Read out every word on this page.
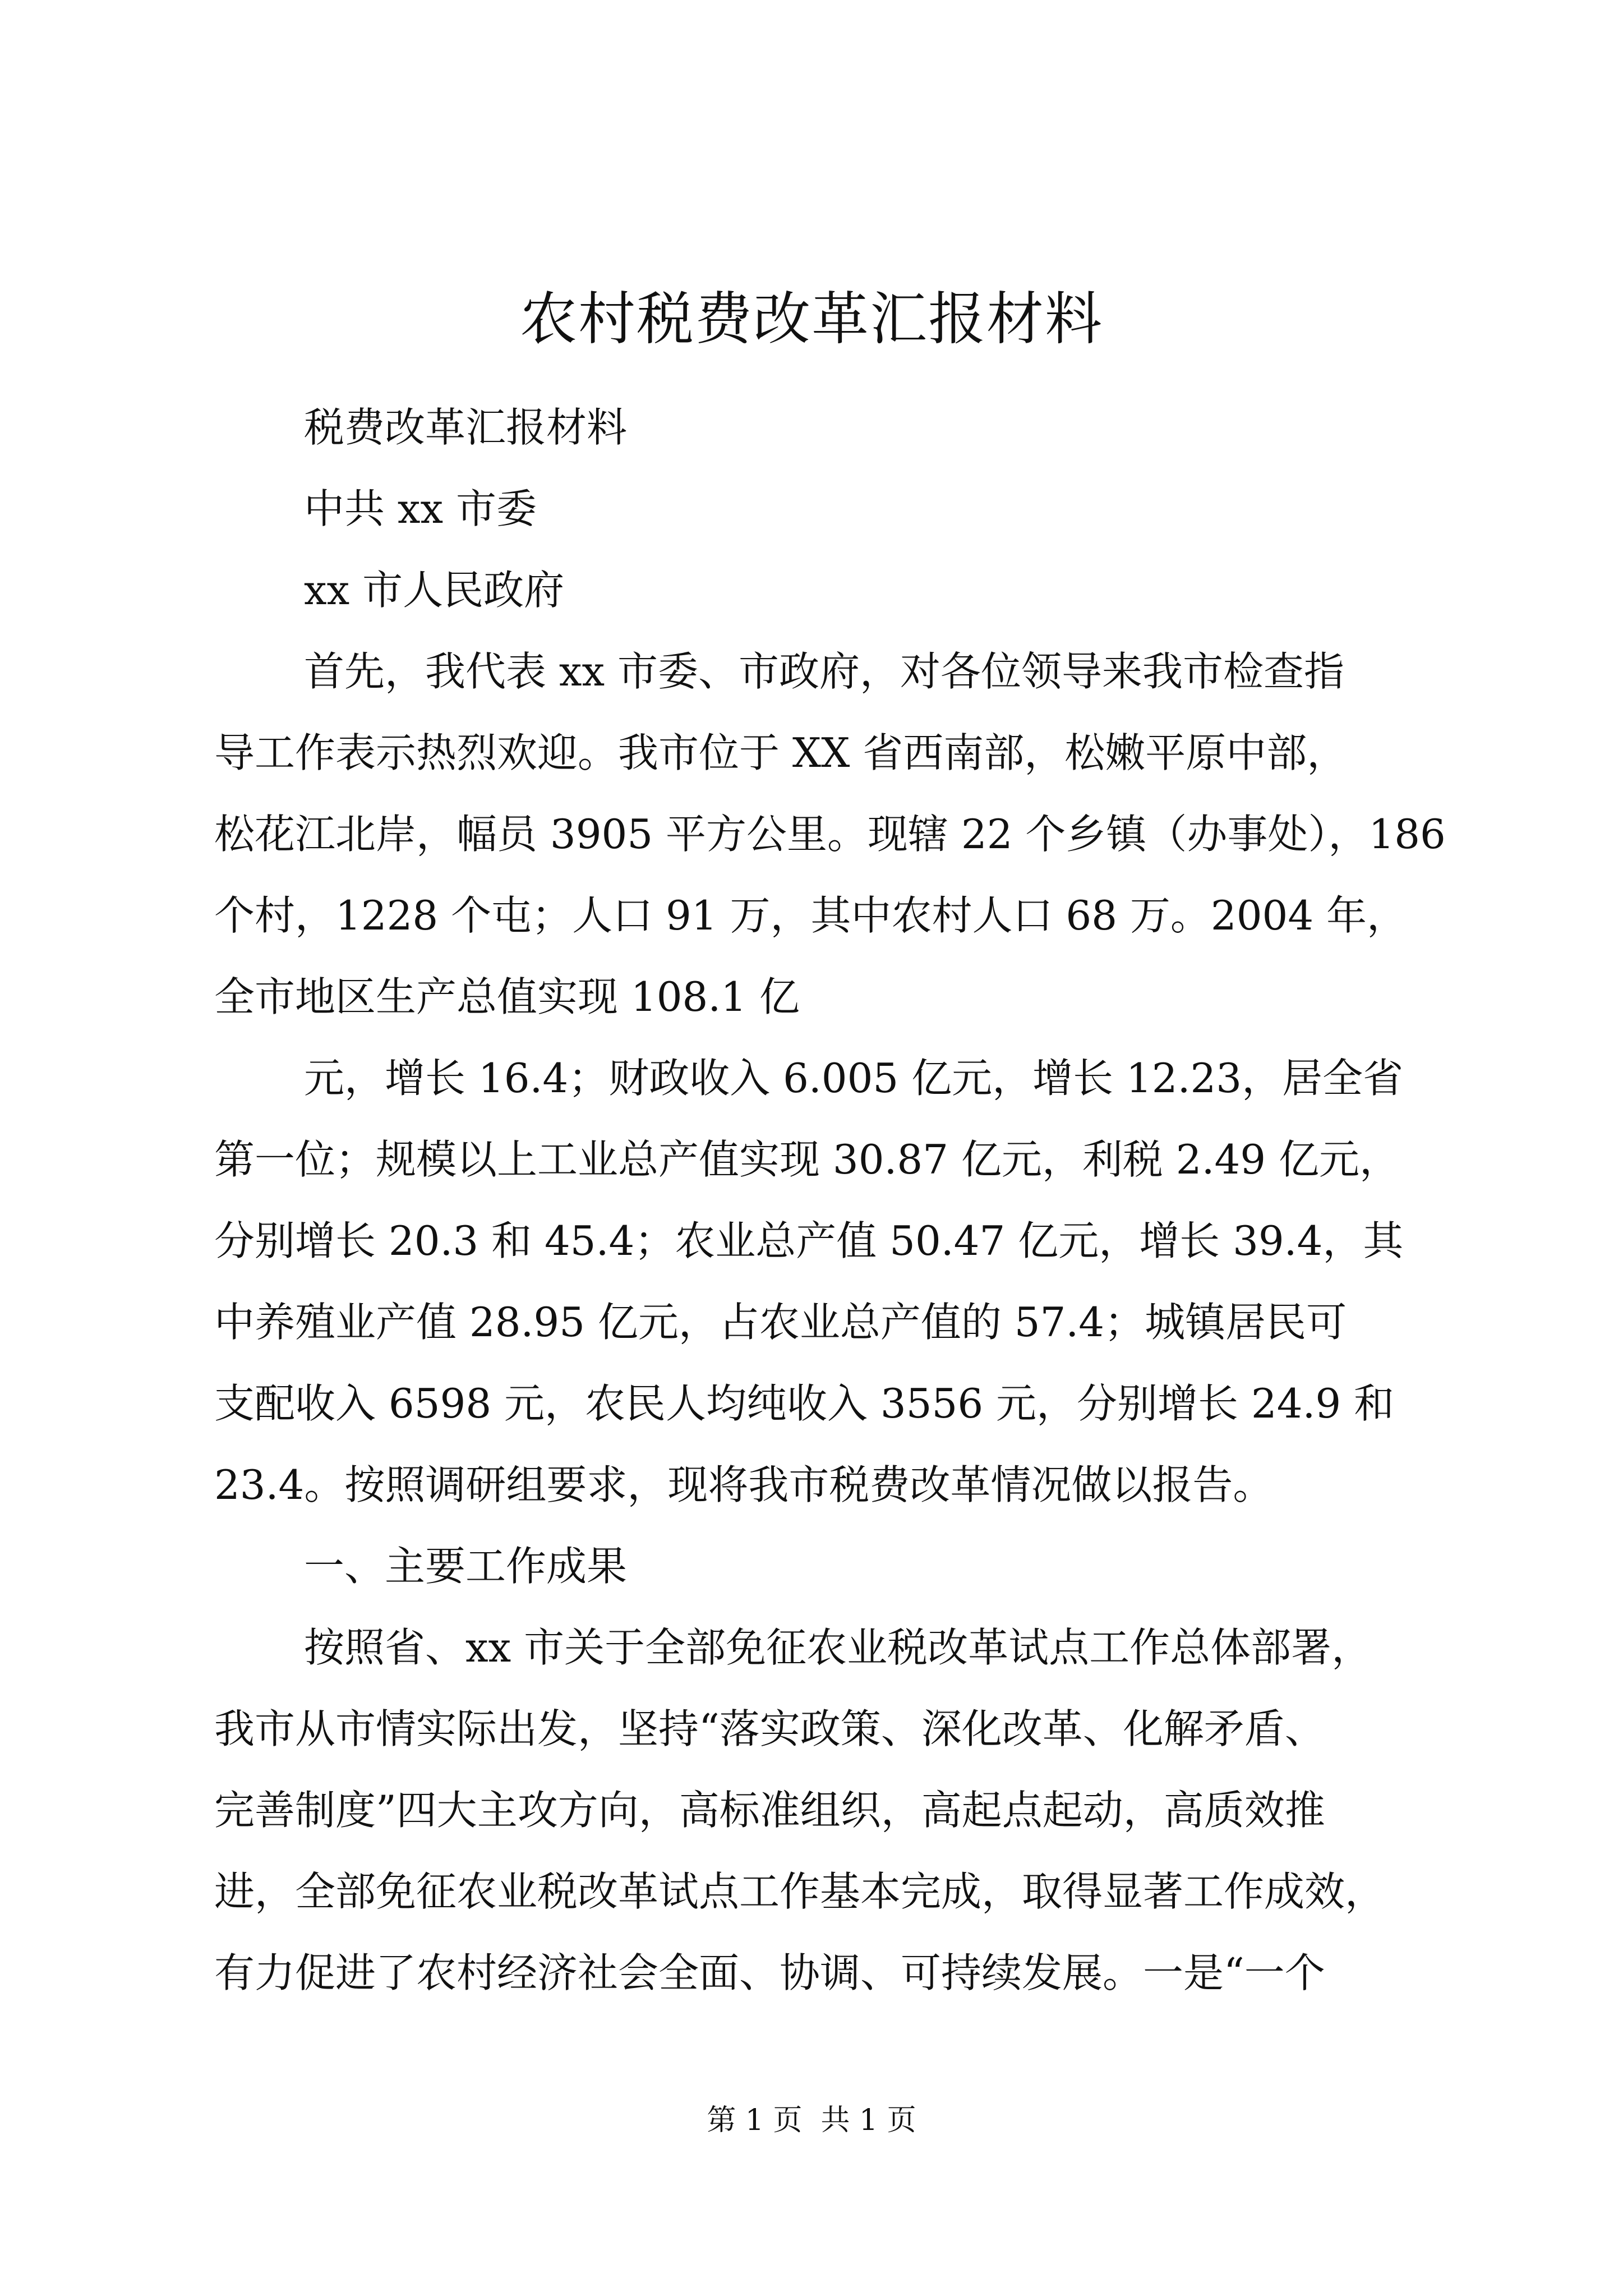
农村税费改革汇报材料
税费改革汇报材料
中共 xx 市委
xx 市人民政府
首先，我代表 xx 市委、市政府，对各位领导来我市检查指
导工作表示热烈欢迎。我市位于 XX 省西南部，松嫩平原中部，
松花江北岸，幅员 3905 平方公里。现辖 22 个乡镇（办事处），186
个村，1228 个屯；人口 91 万，其中农村人口 68 万。2004 年，
全市地区生产总值实现 108.1 亿
元，增长 16.4；财政收入 6.005 亿元，增长 12.23，居全省
第一位；规模以上工业总产值实现 30.87 亿元，利税 2.49 亿元，
分别增长 20.3 和 45.4；农业总产值 50.47 亿元，增长 39.4，其
中养殖业产值 28.95 亿元，占农业总产值的 57.4；城镇居民可
支配收入 6598 元，农民人均纯收入 3556 元，分别增长 24.9 和
23.4。按照调研组要求，现将我市税费改革情况做以报告。
一、主要工作成果
按照省、xx 市关于全部免征农业税改革试点工作总体部署，
我市从市情实际出发，坚持“落实政策、深化改革、化解矛盾、
完善制度”四大主攻方向，高标准组织，高起点起动，高质效推
进，全部免征农业税改革试点工作基本完成，取得显著工作成效，
有力促进了农村经济社会全面、协调、可持续发展。一是“一个
第 1 页  共 1 页
